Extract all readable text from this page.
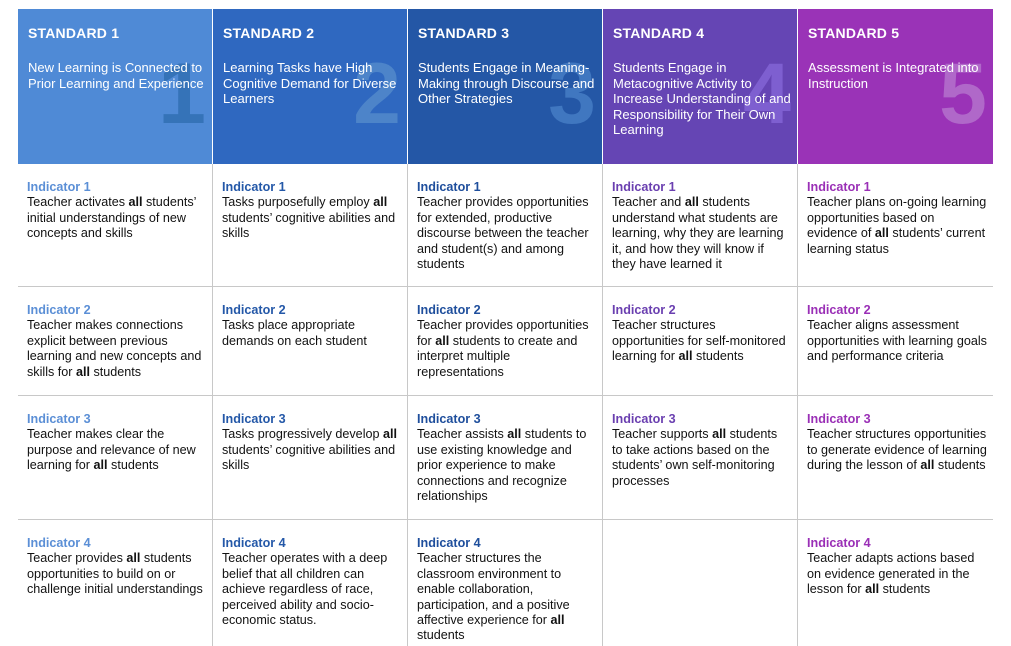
STANDARD 1
New Learning is Connected to Prior Learning and Experience
1
STANDARD 2
Learning Tasks have High Cognitive Demand for Diverse Learners 2
STANDARD 3
Students Engage in Meaning-Making through Discourse and Other Strategies 3
STANDARD 4
Students Engage in Metacognitive Activity to Increase Understanding of and Responsibility for Their Own Learning 4
STANDARD 5
Assessment is Integrated into Instruction 5
Indicator 1
Teacher activates all students’ initial understandings of new concepts and skills
Indicator 1
Tasks purposefully employ all students’ cognitive abilities and skills
Indicator 1
Teacher provides opportunities for extended, productive discourse between the teacher and student(s) and among students
Indicator 1
Teacher and all students understand what students are learning, why they are learning it, and how they will know if they have learned it
Indicator 1
Teacher plans on-going learning opportunities based on evidence of all students’ current learning status
Indicator 2
Teacher makes connections explicit between previous learning and new concepts and skills for all students
Indicator 2
Tasks place appropriate demands on each student
Indicator 2
Teacher provides opportunities for all students to create and interpret multiple representations
Indicator 2
Teacher structures opportunities for self-monitored learning for all students
Indicator 2
Teacher aligns assessment opportunities with learning goals and performance criteria
Indicator 3
Teacher makes clear the purpose and relevance of new learning for all students
Indicator 3
Tasks progressively develop all students’ cognitive abilities and skills
Indicator 3
Teacher assists all students to use existing knowledge and prior experience to make connections and recognize relationships
Indicator 3
Teacher supports all students to take actions based on the students’ own self-monitoring processes
Indicator 3
Teacher structures opportunities to generate evidence of learning during the lesson of all students
Indicator 4
Teacher provides all students opportunities to build on or challenge initial understandings
Indicator 4
Teacher operates with a deep belief that all children can achieve regardless of race, perceived ability and socio-economic status.
Indicator 4
Teacher structures the classroom environment to enable collaboration, participation, and a positive affective experience for all students
Indicator 4
Teacher adapts actions based on evidence generated in the lesson for all students
